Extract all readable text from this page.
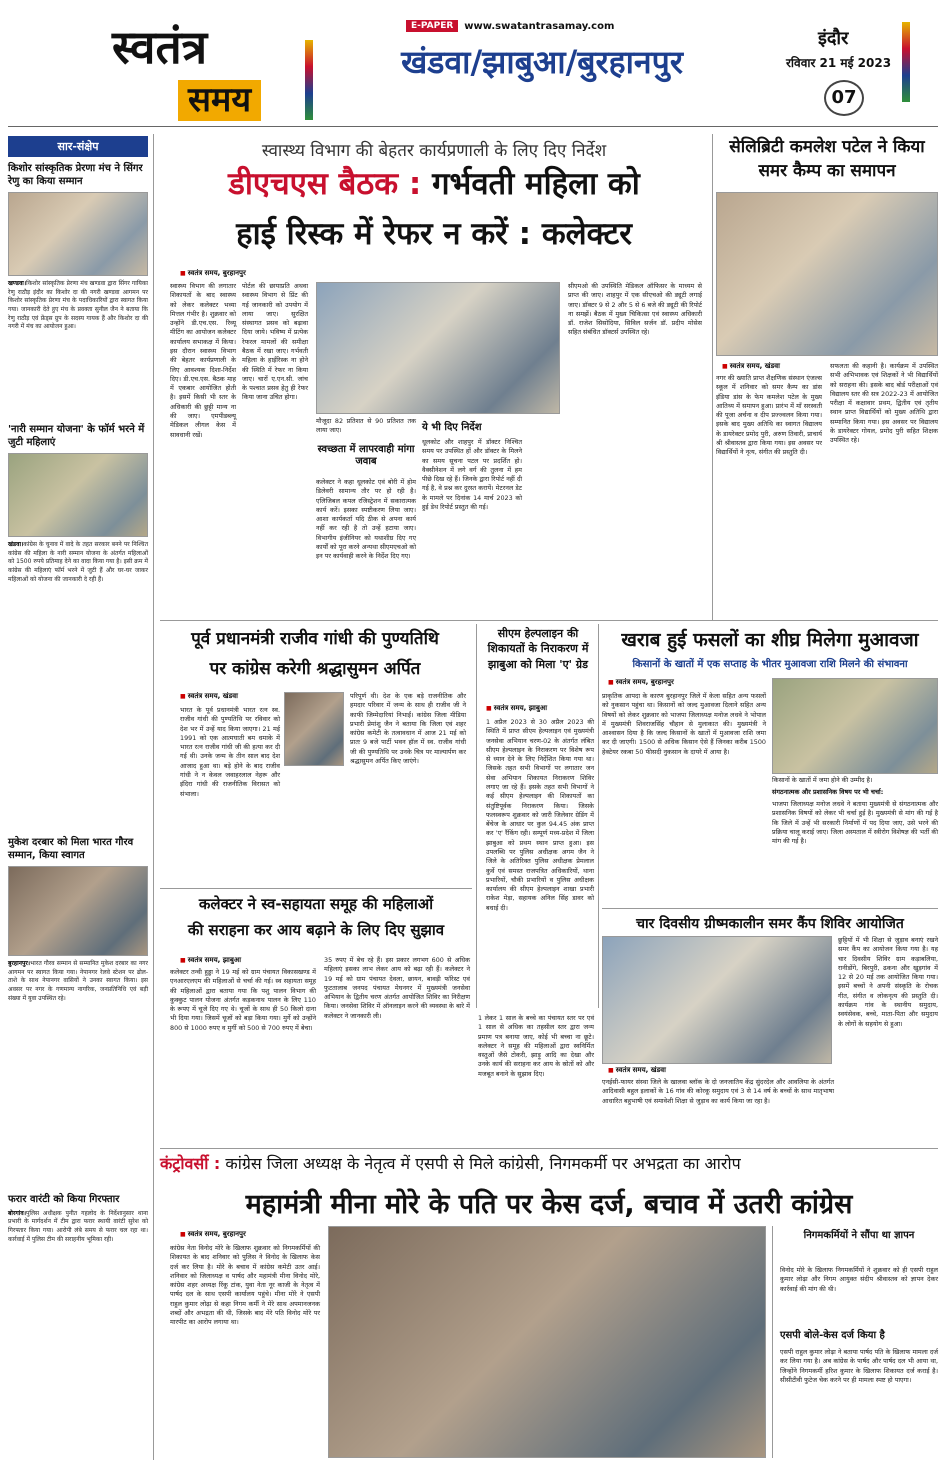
स्वतंत्र
समय
E-PAPER	www.swatantrasamay.com
खंडवा/झाबुआ/बुरहानपुर
इंदौर
रविवार 21 मई 2023
07
सार-संक्षेप
किशोर सांस्कृतिक प्रेरणा मंच ने सिंगर रेणु का किया सम्मान
खण्डवा।किशोर सांस्कृतिक प्रेरणा मंच खण्डवा द्वारा सिंगर गायिका रेणु राठौड़ इंदौर का किशोर दा की नगरी खण्डवा आगमन पर किशोर सांस्कृतिक प्रेरणा मंच के पदाधिकारियों द्वारा स्वागत किया गया। जानकारी देते हुए मंच के प्रवक्ता सुनील जैन ने बताया कि रेणु राठौड़ एवं फ्रेंड्स ग्रुप के सदस्य गायक हैं और किशोर दा की नगरी में मंच का आयोजन हुआ।
'नारी सम्मान योजना' के फॉर्म भरने में जुटी महिलाएं
खंडवा।कांग्रेस के चुनाव में वादे के तहत सरकार बनने पर निश्चित कांग्रेस की महिला के नारी सम्मान योजना के अंतर्गत महिलाओं को 1500 रुपये प्रतिमाह देने का वादा किया गया है। इसी क्रम में कांग्रेस की महिलाएं फॉर्म भरने में जुटी हैं और घर-घर जाकर महिलाओं को योजना की जानकारी दे रही हैं।
मुकेश दरबार को मिला भारत गौरव सम्मान, किया स्वागत
बुरहानपुर।भारत गौरव सम्मान से सम्मानित मुकेश दरबार का नगर आगमन पर स्वागत किया गया। नेपानगर रेलवे स्टेशन पर ढोल-ताशे के साथ नेपानगर वासियों ने उनका स्वागत किया। इस अवसर पर नगर के गणमान्य नागरिक, जनप्रतिनिधि एवं बड़ी संख्या में युवा उपस्थित रहे।
फरार वारंटी को किया गिरफ्तार
बोरगांव।पुलिस अधीक्षक पुनीत गहलोद के निर्देशानुसार थाना प्रभारी के मार्गदर्शन में टीम द्वारा फरार स्थायी वारंटी सुरेश को गिरफ्तार किया गया। आरोपी लंबे समय से फरार चल रहा था। कार्रवाई में पुलिस टीम की सराहनीय भूमिका रही।
स्वास्थ्य विभाग की बेहतर कार्यप्रणाली के लिए दिए निर्देश
डीएचएस बैठक : गर्भवती महिला को
हाई रिस्क में रेफर न करें : कलेक्टर
■ स्वतंत्र समय, बुरहानपुर
स्वास्थ्य विभाग की लगातार शिकायतों के बाद स्वास्थ्य को लेकर कलेक्टर भव्या मित्तल गंभीर है। शुक्रवार को उन्होंने डी.एच.एस. रिव्यू मीटिंग का आयोजन कलेक्टर कार्यालय सभाकक्ष में किया। इस दौरान स्वास्थ्य विभाग की बेहतर कार्यप्रणाली के लिए आवश्यक दिशा-निर्देश दिए। डी.एच.एस. बैठक माह में एकबार आयोजित होती है। इसमें किसी भी स्तर के अधिकारी की छुट्टी मान्य ना की जाए। एमपीडब्ल्यू मेडिकल लीगल केस में सावधानी रखें।
पोर्टल की छायाप्रति अथवा स्वास्थ्य विभाग से प्रिंट की गई जानकारी को उपयोग में लाया जाए। सुरक्षित संस्थागत प्रसव को बढ़ावा दिया जाये। भविष्य में प्रत्येक रेफरल मामलों की समीक्षा बैठक में रखा जाए। गर्भवती महिला के हाईरिस्क ना होने की स्थिति में रेफर ना किया जाए। चारों ए.एन.सी. जांच के पश्चात प्रसव हेतु ही रेफर किया जाना उचित होगा।
मौजूदा 82 प्रतिशत से 90 प्रतिशत तक लाया जाए।
स्वच्छता में लापरवाही मांगा जवाब
कलेक्टर ने कहा धूलकोट एवं बोरी में होम डिलेवरी सामान्य तौर पर हो रही है। एलिजिबल कपल रजिस्ट्रेशन में सकारात्मक कार्य करें। इसका स्पष्टीकरण लिया जाए। आशा कार्यकर्ता यदि ठीक से अपना कार्य नहीं कर रही है तो उन्हें हटाया जाए। विभागीय इंजीनियर को यथाशीघ्र दिए गए कार्यों को पूरा करने अन्यथा सीएमएचओ को इन पर कार्यवाही करने के निर्देश दिए गए।
ये भी दिए निर्देश
धूलकोट और शाहपुर में डॉक्टर निश्चित समय पर उपस्थित हों और डॉक्टर के मिलने का समय सूचना पटल पर प्रदर्शित हो। वैक्सीनेशन में लगे वर्ग की तुलना में हम पीछे दिख रहे हैं। जिनके द्वारा रिपोर्ट नहीं दी गई है, वे प्रश्न कर दुरस्त करायें। मेटरनल डेट के मामले पर दिनांक 14 मार्च 2023 को हुई डेथ रिपोर्ट प्रस्तुत की गई।
सीएमओ की उपस्थिति मेडिकल ऑफिसर के माध्यम से प्राप्त की जाए। शाहपुर में एक सीएचओ की ड्यूटी लगाई जाए। डॉक्टर 9 से 2 और 5 से 6 बजे की ड्यूटी की रिपोर्ट ना समझें। बैठक में मुख्य चिकित्सा एवं स्वास्थ्य अधिकारी डॉ. राजेश सिसोदिया, सिविल सर्जन डॉ. प्रदीप मोसेस सहित संबंधित डॉक्टर्स उपस्थित रहे।
सेलिब्रिटी कमलेश पटेल ने किया समर कैम्प का समापन
■ स्वतंत्र समय, खंडवा
नगर की ख्याति प्राप्त शैक्षणिक संस्थान एंजल्स स्कूल में शनिवार को समर कैम्प का डांस इंडिया डांस के फेम कमलेश पटेल के मुख्य आतिथ्य में समापन हुआ। प्रारंभ में माँ सरस्वती की पूजा अर्चना व दीप प्रज्ज्वलन किया गया। इसके बाद मुख्य अतिथि का स्वागत विद्यालय के डायरेक्टर प्रमोद पुरी, अरुण तिवारी, प्राचार्य श्री श्रीवास्तव द्वारा किया गया। इस अवसर पर विद्यार्थियों ने नृत्य, संगीत की प्रस्तुति दी।
सफलता की कहानी है। कार्यक्रम में उपस्थित सभी अभिभावक एवं शिक्षकों ने भी विद्यार्थियों को सराहना की। इसके बाद बोर्ड परीक्षाओं एवं विद्यालय स्तर की सत्र 2022-23 में आयोजित परीक्षा में कक्षावार प्रथम, द्वितीय एवं तृतीय स्थान प्राप्त विद्यार्थियों को मुख्य अतिथि द्वारा सम्मानित किया गया। इस अवसर पर विद्यालय के डायरेक्टर गोयल, प्रमोद पुरी सहित शिक्षक उपस्थित रहे।
पूर्व प्रधानमंत्री राजीव गांधी की पुण्यतिथि
पर कांग्रेस करेगी श्रद्धासुमन अर्पित
■ स्वतंत्र समय, खंडवा
भारत के पूर्व प्रधानमंत्री भारत रत्न स्व. राजीव गांधी की पुण्यतिथि पर रविवार को देश भर में उन्हें याद किया जाएगा। 21 मई 1991 को एक आत्मघाती बम धमाके में भारत रत्न राजीव गांधी जी की हत्या कर दी गई थी। उनके जन्म के तीन साल बाद देश आजाद हुआ था। बड़े होने के बाद राजीव गांधी ने न केवल जवाहरलाल नेहरू और इंदिरा गांधी की राजनीतिक विरासत को संभाला।
परिपूर्ण थी। देश के एक बड़े राजनीतिक और हमदार परिवार में जन्म के साथ ही राजीव जी ने काफी जिम्मेदारियां निभाईं। कांग्रेस जिला मीडिया प्रभारी प्रेमांशु जैन ने बताया कि जिला एवं शहर कांग्रेस कमेटी के तत्वावधान में आज 21 मई को प्रातः 9 बजे पार्टी भवन हॉल में स्व. राजीव गांधी जी की पुण्यतिथि पर उनके चित्र पर माल्यार्पण कर श्रद्धासुमन अर्पित किए जाएंगे।
सीएम हेल्पलाइन की शिकायतों के निराकरण में झाबुआ को मिला 'ए' ग्रेड
■ स्वतंत्र समय, झाबुआ
1 अप्रैल 2023 से 30 अप्रैल 2023 की स्थिति में प्राप्त सीएम हेल्पलाइन एवं मुख्यमंत्री जनसेवा अभियान चरण-02 के अंतर्गत लंबित सीएम हेल्पलाइन के निराकरण पर विशेष रूप से ध्यान देने के लिए निर्देशित किया गया था। जिसके तहत सभी विभागों पर लगातार जन सेवा अभियान शिकायत निराकरण शिविर लगाए जा रहे हैं। इसके तहत सभी विभागों ने कई सीएम हेल्पलाइन की शिकायतों का संतुष्टिपूर्वक निराकरण किया। जिसके फलस्वरूप शुक्रवार को जारी जिलेवार ग्रेडिंग में बेंचेज के आधार पर कुल 94.45 अंक प्राप्त कर 'ए' रैंकिंग रही। सम्पूर्ण मध्य-प्रदेश में जिला झाबुआ को प्रथम स्थान प्राप्त हुआ। इस उपलब्धि पर पुलिस अधीक्षक अगम जैन ने जिले के अतिरिक्त पुलिस अधीक्षक प्रेमलाल कुर्वे एवं समस्त राजपत्रित अधिकारियों, थाना प्रभारियों, चौकी प्रभारियों व पुलिस अधीक्षक कार्यालय की सीएम हेल्पलाइन शाखा प्रभारी राकेश मेड़ा, सहायक अनिल सिंह डावर को बधाई दी।
कलेक्टर ने स्व-सहायता समूह की महिलाओं
की सराहना कर आय बढ़ाने के लिए दिए सुझाव
■ स्वतंत्र समय, झाबुआ
कलेक्टर तन्वी हुड्डा ने 19 मई को ग्राम पंचायत विकासखण्ड में एनआरएलएम की महिलाओं से चर्चा की गई। स्व सहायता समूह की महिलाओं द्वारा बताया गया कि पशु पालन विभाग की कुक्कुट पालन योजना अंतर्गत कड़कनाथ पालन के लिए 110 के रूपए में चूजे दिए गए थे। चूजों के साथ ही 50 किलो दाना भी दिया गया। जिसमें चूजों को बड़ा किया गया। मुर्गे को उन्होंने 800 से 1000 रुपए व मुर्गी को 500 से 700 रुपए में बेचा।
35 रुपए में बेच रहे हैं। इस प्रकार लगभग 600 से अधिक महिलाएं इसका लाभ लेकर आय को बढ़ा रही हैं। कलेक्टर ने 19 मई को ग्राम पंचायत देवला, छायन, बावड़ी फॉरेस्ट एवं फुटतालाब जनपद पंचायत मेघनगर में मुख्यमंत्री जनसेवा अभियान के द्वितीय चरण अंतर्गत आयोजित शिविर का निरीक्षण किया। जनसेवा शिविर में ऑनलाइन करने की व्यवस्था के बारे में कलेक्टर ने जानकारी ली।	1 लेकर 1 साल के बच्चे का पंचायत स्तर पर एवं 1 साल से अधिक का तहसील स्तर द्वारा जन्म प्रमाण पत्र बनाया जाए, कोई भी बच्चा ना छूटे। कलेक्टर ने समूह की महिलाओं द्वारा स्वनिर्मित वस्तुओं जैसे टोकरी, झाड़ू आदि का देखा और उनके कार्य की सराहना कर आय के स्रोतों को और मजबूत बनाने के सुझाव दिए।
खराब हुई फसलों का शीघ्र मिलेगा मुआवजा
किसानों के खातों में एक सप्ताह के भीतर मुआवजा राशि मिलने की संभावना
■ स्वतंत्र समय, बुरहानपुर
प्राकृतिक आपदा के कारण बुरहानपुर जिले में केला सहित अन्य फसलों को नुकसान पहुंचा था। किसानों को जल्द मुआवजा दिलाने सहित अन्य विषयों को लेकर शुक्रवार को भाजपा जिलाध्यक्ष मनोज लधवे ने भोपाल में मुख्यमंत्री शिवराजसिंह चौहान से मुलाकात की। मुख्यमंत्री ने आश्वासन दिया है कि जल्द किसानों के खातों में मुआवजा राशि जमा कर दी जाएगी। 1500 से अधिक किसान ऐसे हैं जिनका करीब 1500 हेक्टेयर रकबा 50 फीसदी नुकसान के दायरे में आया है।
किसानों के खातों में जमा होने की उम्मीद है।
संगठनात्मक और प्रशासनिक विषय पर भी चर्चा:
भाजपा जिलाध्यक्ष मनोज लधवे ने बताया मुख्यमंत्री से संगठनात्मक और प्रशासनिक विषयों को लेकर भी चर्चा हुई है। मुख्यमंत्री से मांग की गई है कि जिले में उन्हें भी सरकारी निर्माणों में पद दिया जाए, उसे भरने की प्रक्रिया चालू कराई जाए। जिला अस्पताल में स्त्रीरोग विशेषज्ञ की भर्ती की मांग की गई है।
चार दिवसीय ग्रीष्मकालीन समर कैंप शिविर आयोजित
छुट्टियों में भी शिक्षा से जुड़ाव बनाएं रखने समर कैंप का आयोजन किया गया है। यह चार दिवसीय शिविर ग्राम कड़ाबलिया, रानीडोंगे, बिरपुरी, ढकना और खुड़गांव में 12 से 20 मई तक आयोजित किया गया। इसमें बच्चों ने अपनी संस्कृति के रोचक गीत, संगीत व लोकनृत्य की प्रस्तुति दी। कार्यक्रम गांव के स्थानीय समुदाय, स्वयंसेवक, बच्चे, माता-पिता और समुदाय के लोगों के सहयोग से हुआ।
■ स्वतंत्र समय, खंडवा
एनईसी-फायर संस्था जिले के खालवा ब्लॉक के दो जनजातिय केंद्र सुंदरदेल और आवलिया के अंतर्गत आदिवासी बहुल इलाकों के 16 गांव की कोरकू समुदाय एवं 3 से 14 वर्ष के बच्चों के साथ मातृभाषा आधारित बहुभाषी एवं समावेशी शिक्षा से जुड़ाव का कार्य किया जा रहा है।
कंट्रोवर्सी : कांग्रेस जिला अध्यक्ष के नेतृत्व में एसपी से मिले कांग्रेसी, निगमकर्मी पर अभद्रता का आरोप
महामंत्री मीना मोरे के पति पर केस दर्ज, बचाव में उतरी कांग्रेस
■ स्वतंत्र समय, बुरहानपुर
कांग्रेस नेता विनोद मोरे के खिलाफ शुक्रवार को निगमकर्मियों की शिकायत के बाद शनिवार को पुलिस ने विनोद के खिलाफ केस दर्ज कर लिया है। मोरे के बचाव में कांग्रेस कमेटी उतर आई। शनिवार को जिलाध्यक्ष व पार्षद और महामंत्री मीना विनोद मोरे, कांग्रेस शहर अध्यक्ष रिंकू टांक, युवा नेता नूर काजी के नेतृत्व में पार्षद दल के साथ एसपी कार्यालय पहुंचे। मीना मोरे ने एसपी राहुल कुमार लोढ़ा से कहा निगम कर्मी ने मेरे साथ अपमानजनक शब्दों और अभद्रता की थी, जिसके बाद मेरे पति विनोद मोरे पर मारपीट का आरोप लगाया था।
निगमकर्मियों ने सौंपा था ज्ञापन
विनोद मोरे के खिलाफ निगमकर्मियों ने शुक्रवार को ही एसपी राहुल कुमार लोढ़ा और निगम आयुक्त संदीप श्रीवास्तव को ज्ञापन देकर कार्रवाई की मांग की थी।
एसपी बोले-केस दर्ज किया है
एसपी राहुल कुमार लोढ़ा ने बताया पार्षद पति के खिलाफ मामला दर्ज कर लिया गया है। अब कांग्रेस के पार्षद और पार्षद दल भी आया था, जिन्होंने निगमकर्मी हरिश कुमार के खिलाफ शिकायत दर्ज कराई है। सीसीटीवी फुटेज चेक करने पर ही मामला स्पष्ट हो पाएगा।
